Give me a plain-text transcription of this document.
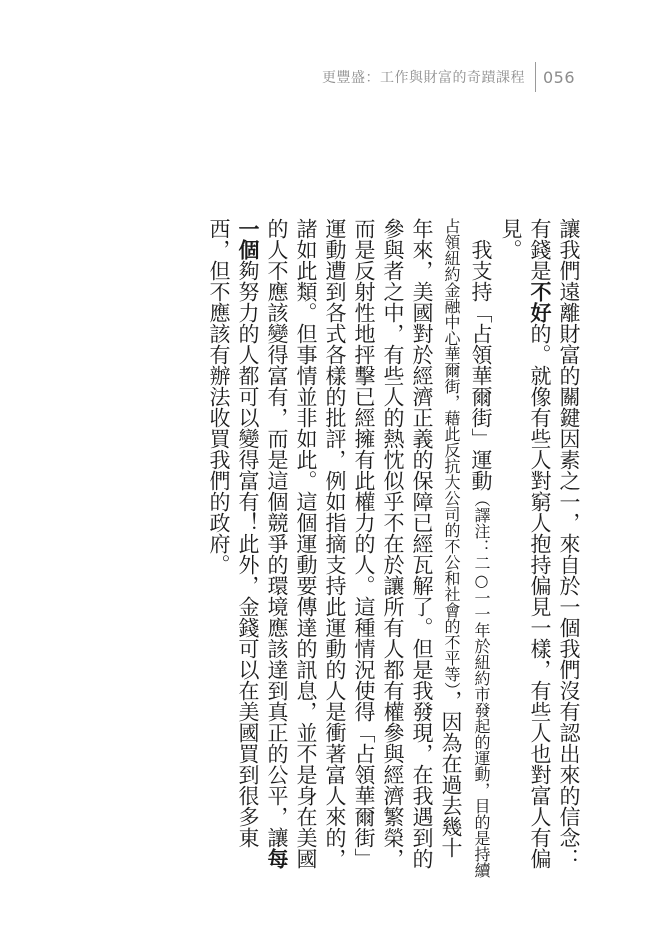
更豐盛：工作與財富的奇蹟課程 056

讓我們遠離財富的關鍵因素之一，來自於一個我們沒有認出來的信念：有錢是不好的。就像有些人對窮人抱持偏見一樣，有些人也對富人有偏見。

我支持「占領華爾街」運動（譯注：二○一一年於紐約市發起的運動，目的是持續占領紐約金融中心華爾街，藉此反抗大公司的不公和社會的不平等），因為在過去幾十年來，美國對於經濟正義的保障已經瓦解了。但是我發現，在我遇到的參與者之中，有些人的熱忱似乎不在於讓所有人都有權參與經濟繁榮，而是反射性地抨擊已經擁有此權力的人。這種情況使得「占領華爾街」運動遭到各式各樣的批評，例如指摘支持此運動的人是衝著富人來的，諸如此類。但事情並非如此。這個運動要傳達的訊息，並不是身在美國的人不應該變得富有，而是這個競爭的環境應該達到真正的公平，讓每一個夠努力的人都可以變得富有！此外，金錢可以在美國買到很多東西，但不應該有辦法收買我們的政府。
